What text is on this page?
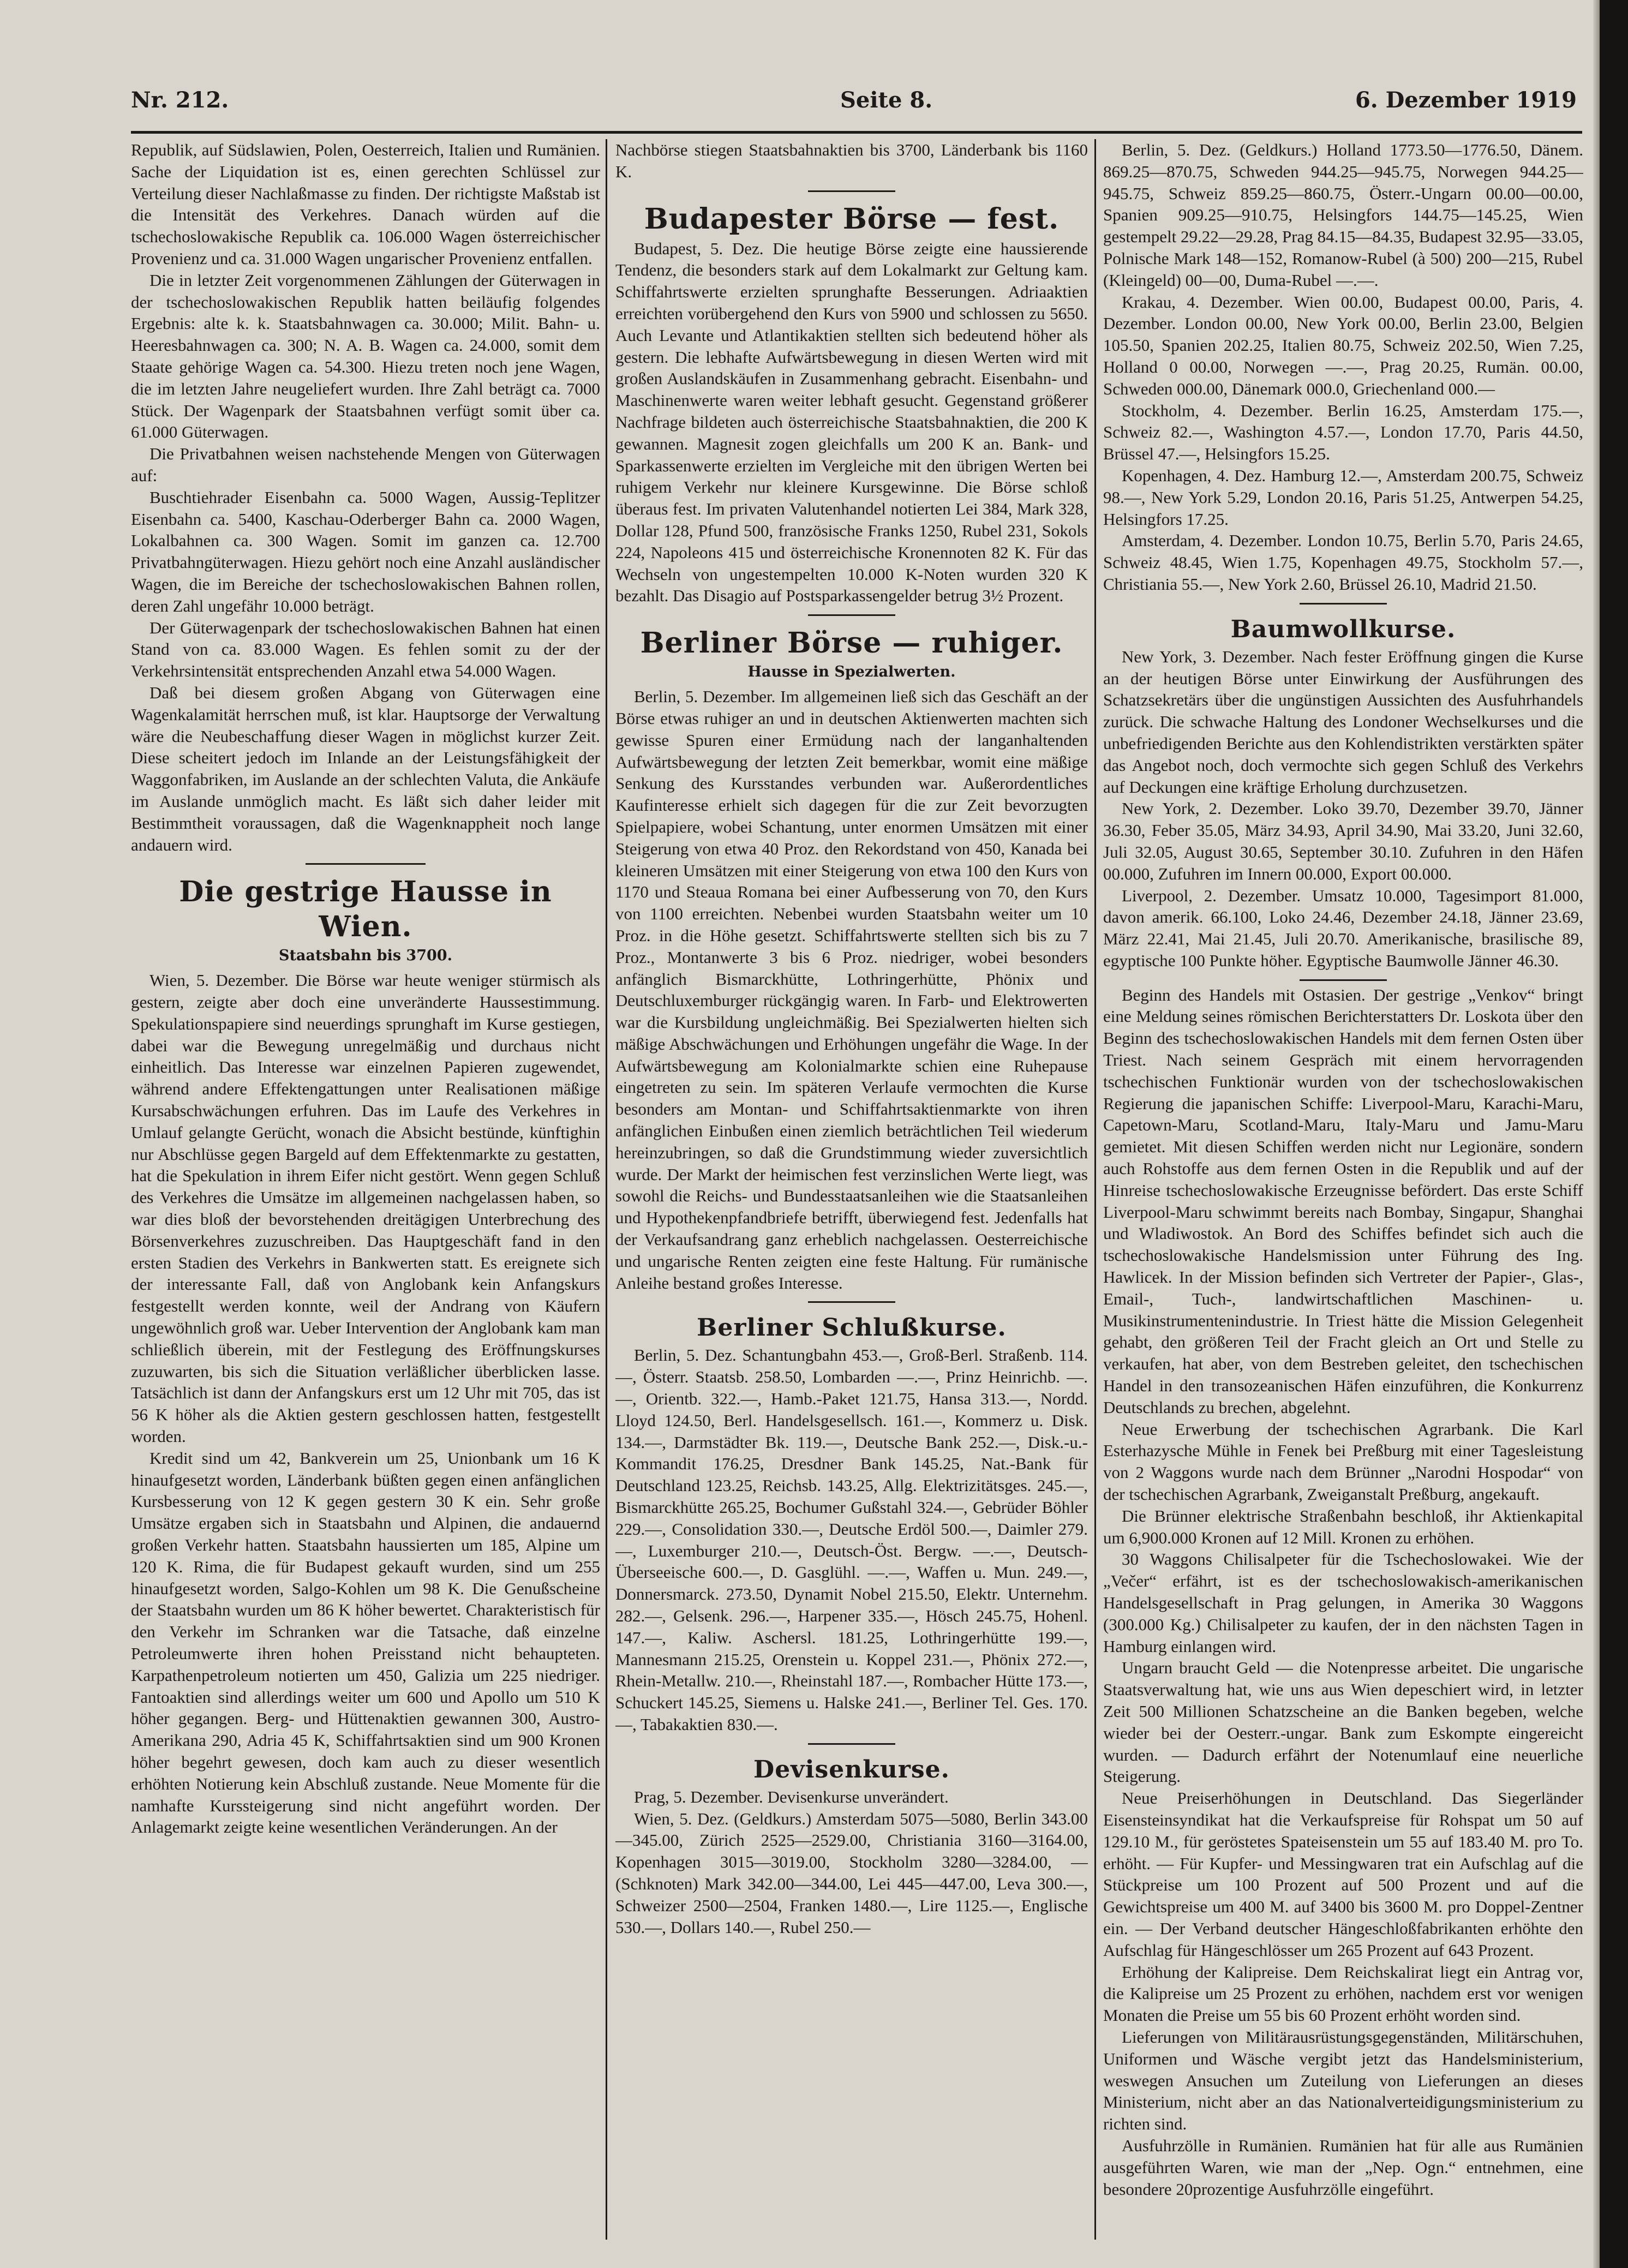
Nr. 212.	Seite 8.	6. Dezember 1919

Republik, auf Südslawien, Polen, Oesterreich, Italien und Rumänien. Sache der Liquidation ist es, einen gerechten Schlüssel zur Verteilung dieser Nachlaßmasse zu finden. Der richtigste Maßstab ist die Intensität des Verkehres. Danach würden auf die tschechoslowakische Republik ca. 106.000 Wagen österreichischer Provenienz und ca. 31.000 Wagen ungarischer Provenienz entfallen.

Die in letzter Zeit vorgenommenen Zählungen der Güterwagen in der tschechoslowakischen Republik hatten beiläufig folgendes Ergebnis: alte k. k. Staatsbahnwagen ca. 30.000; Milit. Bahn- u. Heeresbahnwagen ca. 300; N. A. B. Wagen ca. 24.000, somit dem Staate gehörige Wagen ca. 54.300. Hiezu treten noch jene Wagen, die im letzten Jahre neugeliefert wurden. Ihre Zahl beträgt ca. 7000 Stück. Der Wagenpark der Staatsbahnen verfügt somit über ca. 61.000 Güterwagen.

Die Privatbahnen weisen nachstehende Mengen von Güterwagen auf:

Buschtiehrader Eisenbahn ca. 5000 Wagen, Aussig-Teplitzer Eisenbahn ca. 5400, Kaschau-Oderberger Bahn ca. 2000 Wagen, Lokalbahnen ca. 300 Wagen. Somit im ganzen ca. 12.700 Privatbahngüterwagen. Hiezu gehört noch eine Anzahl ausländischer Wagen, die im Bereiche der tschechoslowakischen Bahnen rollen, deren Zahl ungefähr 10.000 beträgt.

Der Güterwagenpark der tschechoslowakischen Bahnen hat einen Stand von ca. 83.000 Wagen. Es fehlen somit zu der der Verkehrsintensität entsprechenden Anzahl etwa 54.000 Wagen.

Daß bei diesem großen Abgang von Güterwagen eine Wagenkalamität herrschen muß, ist klar. Hauptsorge der Verwaltung wäre die Neubeschaffung dieser Wagen in möglichst kurzer Zeit. Diese scheitert jedoch im Inlande an der Leistungsfähigkeit der Waggonfabriken, im Auslande an der schlechten Valuta, die Ankäufe im Auslande unmöglich macht. Es läßt sich daher leider mit Bestimmtheit voraussagen, daß die Wagenknappheit noch lange andauern wird.

Die gestrige Hausse in Wien.
Staatsbahn bis 3700.

Wien, 5. Dezember. Die Börse war heute weniger stürmisch als gestern, zeigte aber doch eine unveränderte Haussestimmung. Spekulationspapiere sind neuerdings sprunghaft im Kurse gestiegen, dabei war die Bewegung unregelmäßig und durchaus nicht einheitlich. Das Interesse war einzelnen Papieren zugewendet, während andere Effektengattungen unter Realisationen mäßige Kursabschwächungen erfuhren. Das im Laufe des Verkehres in Umlauf gelangte Gerücht, wonach die Absicht bestünde, künftighin nur Abschlüsse gegen Bargeld auf dem Effektenmarkte zu gestatten, hat die Spekulation in ihrem Eifer nicht gestört. Wenn gegen Schluß des Verkehres die Umsätze im allgemeinen nachgelassen haben, so war dies bloß der bevorstehenden dreitägigen Unterbrechung des Börsenverkehres zuzuschreiben. Das Hauptgeschäft fand in den ersten Stadien des Verkehrs in Bankwerten statt. Es ereignete sich der interessante Fall, daß von Anglobank kein Anfangskurs festgestellt werden konnte, weil der Andrang von Käufern ungewöhnlich groß war. Ueber Intervention der Anglobank kam man schließlich überein, mit der Festlegung des Eröffnungskurses zuzuwarten, bis sich die Situation verläßlicher überblicken lasse. Tatsächlich ist dann der Anfangskurs erst um 12 Uhr mit 705, das ist 56 K höher als die Aktien gestern geschlossen hatten, festgestellt worden.

Kredit sind um 42, Bankverein um 25, Unionbank um 16 K hinaufgesetzt worden, Länderbank büßten gegen einen anfänglichen Kursbesserung von 12 K gegen gestern 30 K ein. Sehr große Umsätze ergaben sich in Staatsbahn und Alpinen, die andauernd großen Verkehr hatten. Staatsbahn haussierten um 185, Alpine um 120 K. Rima, die für Budapest gekauft wurden, sind um 255 hinaufgesetzt worden, Salgo-Kohlen um 98 K. Die Genußscheine der Staatsbahn wurden um 86 K höher bewertet. Charakteristisch für den Verkehr im Schranken war die Tatsache, daß einzelne Petroleumwerte ihren hohen Preisstand nicht behaupteten. Karpathenpetroleum notierten um 450, Galizia um 225 niedriger. Fantoaktien sind allerdings weiter um 600 und Apollo um 510 K höher gegangen. Berg- und Hüttenaktien gewannen 300, Austro-Amerikana 290, Adria 45 K, Schiffahrtsaktien sind um 900 Kronen höher begehrt gewesen, doch kam auch zu dieser wesentlich erhöhten Notierung kein Abschluß zustande. Neue Momente für die namhafte Kurssteigerung sind nicht angeführt worden. Der Anlagemarkt zeigte keine wesentlichen Veränderungen. An der

Nachbörse stiegen Staatsbahnaktien bis 3700, Länderbank bis 1160 K.

Budapester Börse — fest.

Budapest, 5. Dez. Die heutige Börse zeigte eine haussierende Tendenz, die besonders stark auf dem Lokalmarkt zur Geltung kam. Schiffahrtswerte erzielten sprunghafte Besserungen. Adriaaktien erreichten vorübergehend den Kurs von 5900 und schlossen zu 5650. Auch Levante und Atlantikaktien stellten sich bedeutend höher als gestern. Die lebhafte Aufwärtsbewegung in diesen Werten wird mit großen Auslandskäufen in Zusammenhang gebracht. Eisenbahn- und Maschinenwerte waren weiter lebhaft gesucht. Gegenstand größerer Nachfrage bildeten auch österreichische Staatsbahnaktien, die 200 K gewannen. Magnesit zogen gleichfalls um 200 K an. Bank- und Sparkassenwerte erzielten im Vergleiche mit den übrigen Werten bei ruhigem Verkehr nur kleinere Kursgewinne. Die Börse schloß überaus fest. Im privaten Valutenhandel notierten Lei 384, Mark 328, Dollar 128, Pfund 500, französische Franks 1250, Rubel 231, Sokols 224, Napoleons 415 und österreichische Kronennoten 82 K. Für das Wechseln von ungestempelten 10.000 K-Noten wurden 320 K bezahlt. Das Disagio auf Postsparkassengelder betrug 3½ Prozent.

Berliner Börse — ruhiger.
Hausse in Spezialwerten.

Berlin, 5. Dezember. Im allgemeinen ließ sich das Geschäft an der Börse etwas ruhiger an und in deutschen Aktienwerten machten sich gewisse Spuren einer Ermüdung nach der langanhaltenden Aufwärtsbewegung der letzten Zeit bemerkbar, womit eine mäßige Senkung des Kursstandes verbunden war. Außerordentliches Kaufinteresse erhielt sich dagegen für die zur Zeit bevorzugten Spielpapiere, wobei Schantung, unter enormen Umsätzen mit einer Steigerung von etwa 40 Proz. den Rekordstand von 450, Kanada bei kleineren Umsätzen mit einer Steigerung von etwa 100 den Kurs von 1170 und Steaua Romana bei einer Aufbesserung von 70, den Kurs von 1100 erreichten. Nebenbei wurden Staatsbahn weiter um 10 Proz. in die Höhe gesetzt. Schiffahrtswerte stellten sich bis zu 7 Proz., Montanwerte 3 bis 6 Proz. niedriger, wobei besonders anfänglich Bismarckhütte, Lothringerhütte, Phönix und Deutschluxemburger rückgängig waren. In Farb- und Elektrowerten war die Kursbildung ungleichmäßig. Bei Spezialwerten hielten sich mäßige Abschwächungen und Erhöhungen ungefähr die Wage. In der Aufwärtsbewegung am Kolonialmarkte schien eine Ruhepause eingetreten zu sein. Im späteren Verlaufe vermochten die Kurse besonders am Montan- und Schiffahrtsaktienmarkte von ihren anfänglichen Einbußen einen ziemlich beträchtlichen Teil wiederum hereinzubringen, so daß die Grundstimmung wieder zuversichtlich wurde. Der Markt der heimischen fest verzinslichen Werte liegt, was sowohl die Reichs- und Bundesstaatsanleihen wie die Staatsanleihen und Hypothekenpfandbriefe betrifft, überwiegend fest. Jedenfalls hat der Verkaufsandrang ganz erheblich nachgelassen. Oesterreichische und ungarische Renten zeigten eine feste Haltung. Für rumänische Anleihe bestand großes Interesse.

Berliner Schlußkurse.

Berlin, 5. Dez. Schantungbahn 453.—, Groß-Berl. Straßenb. 114.—, Österr. Staatsb. 258.50, Lombarden —.—, Prinz Heinrichb. —.—, Orientb. 322.—, Hamb.-Paket 121.75, Hansa 313.—, Nordd. Lloyd 124.50, Berl. Handelsgesellsch. 161.—, Kommerz u. Disk. 134.—, Darmstädter Bk. 119.—, Deutsche Bank 252.—, Disk.-u.-Kommandit 176.25, Dresdner Bank 145.25, Nat.-Bank für Deutschland 123.25, Reichsb. 143.25, Allg. Elektrizitätsges. 245.—, Bismarckhütte 265.25, Bochumer Gußstahl 324.—, Gebrüder Böhler 229.—, Consolidation 330.—, Deutsche Erdöl 500.—, Daimler 279.—, Luxemburger 210.—, Deutsch-Öst. Bergw. —.—, Deutsch-Überseeische 600.—, D. Gasglühl. —.—, Waffen u. Mun. 249.—, Donnersmarck. 273.50, Dynamit Nobel 215.50, Elektr. Unternehm. 282.—, Gelsenk. 296.—, Harpener 335.—, Hösch 245.75, Hohenl. 147.—, Kaliw. Aschersl. 181.25, Lothringerhütte 199.—, Mannesmann 215.25, Orenstein u. Koppel 231.—, Phönix 272.—, Rhein-Metallw. 210.—, Rheinstahl 187.—, Rombacher Hütte 173.—, Schuckert 145.25, Siemens u. Halske 241.—, Berliner Tel. Ges. 170.—, Tabakaktien 830.—.

Devisenkurse.

Prag, 5. Dezember. Devisenkurse unverändert.

Wien, 5. Dez. (Geldkurs.) Amsterdam 5075—5080, Berlin 343.00—345.00, Zürich 2525—2529.00, Christiania 3160—3164.00, Kopenhagen 3015—3019.00, Stockholm 3280—3284.00, — (Schknoten) Mark 342.00—344.00, Lei 445—447.00, Leva 300.—, Schweizer 2500—2504, Franken 1480.—, Lire 1125.—, Englische 530.—, Dollars 140.—, Rubel 250.—

Berlin, 5. Dez. (Geldkurs.) Holland 1773.50—1776.50, Dänem. 869.25—870.75, Schweden 944.25—945.75, Norwegen 944.25—945.75, Schweiz 859.25—860.75, Österr.-Ungarn 00.00—00.00, Spanien 909.25—910.75, Helsingfors 144.75—145.25, Wien gestempelt 29.22—29.28, Prag 84.15—84.35, Budapest 32.95—33.05, Polnische Mark 148—152, Romanow-Rubel (à 500) 200—215, Rubel (Kleingeld) 00—00, Duma-Rubel —.—.

Krakau, 4. Dezember. Wien 00.00, Budapest 00.00, Paris, 4. Dezember. London 00.00, New York 00.00, Berlin 23.00, Belgien 105.50, Spanien 202.25, Italien 80.75, Schweiz 202.50, Wien 7.25, Holland 0 00.00, Norwegen —.—, Prag 20.25, Rumän. 00.00, Schweden 000.00, Dänemark 000.0, Griechenland 000.—

Stockholm, 4. Dezember. Berlin 16.25, Amsterdam 175.—, Schweiz 82.—, Washington 4.57.—, London 17.70, Paris 44.50, Brüssel 47.—, Helsingfors 15.25.

Kopenhagen, 4. Dez. Hamburg 12.—, Amsterdam 200.75, Schweiz 98.—, New York 5.29, London 20.16, Paris 51.25, Antwerpen 54.25, Helsingfors 17.25.

Amsterdam, 4. Dezember. London 10.75, Berlin 5.70, Paris 24.65, Schweiz 48.45, Wien 1.75, Kopenhagen 49.75, Stockholm 57.—, Christiania 55.—, New York 2.60, Brüssel 26.10, Madrid 21.50.

Baumwollkurse.

New York, 3. Dezember. Nach fester Eröffnung gingen die Kurse an der heutigen Börse unter Einwirkung der Ausführungen des Schatzsekretärs über die ungünstigen Aussichten des Ausfuhrhandels zurück. Die schwache Haltung des Londoner Wechselkurses und die unbefriedigenden Berichte aus den Kohlendistrikten verstärkten später das Angebot noch, doch vermochte sich gegen Schluß des Verkehrs auf Deckungen eine kräftige Erholung durchzusetzen.

New York, 2. Dezember. Loko 39.70, Dezember 39.70, Jänner 36.30, Feber 35.05, März 34.93, April 34.90, Mai 33.20, Juni 32.60, Juli 32.05, August 30.65, September 30.10. Zufuhren in den Häfen 00.000, Zufuhren im Innern 00.000, Export 00.000.

Liverpool, 2. Dezember. Umsatz 10.000, Tagesimport 81.000, davon amerik. 66.100, Loko 24.46, Dezember 24.18, Jänner 23.69, März 22.41, Mai 21.45, Juli 20.70. Amerikanische, brasilische 89, egyptische 100 Punkte höher. Egyptische Baumwolle Jänner 46.30.

Beginn des Handels mit Ostasien. Der gestrige „Venkov“ bringt eine Meldung seines römischen Berichterstatters Dr. Loskota über den Beginn des tschechoslowakischen Handels mit dem fernen Osten über Triest. Nach seinem Gespräch mit einem hervorragenden tschechischen Funktionär wurden von der tschechoslowakischen Regierung die japanischen Schiffe: Liverpool-Maru, Karachi-Maru, Capetown-Maru, Scotland-Maru, Italy-Maru und Jamu-Maru gemietet. Mit diesen Schiffen werden nicht nur Legionäre, sondern auch Rohstoffe aus dem fernen Osten in die Republik und auf der Hinreise tschechoslowakische Erzeugnisse befördert. Das erste Schiff Liverpool-Maru schwimmt bereits nach Bombay, Singapur, Shanghai und Wladiwostok. An Bord des Schiffes befindet sich auch die tschechoslowakische Handelsmission unter Führung des Ing. Hawlicek. In der Mission befinden sich Vertreter der Papier-, Glas-, Email-, Tuch-, landwirtschaftlichen Maschinen- u. Musikinstrumentenindustrie. In Triest hätte die Mission Gelegenheit gehabt, den größeren Teil der Fracht gleich an Ort und Stelle zu verkaufen, hat aber, von dem Bestreben geleitet, den tschechischen Handel in den transozeanischen Häfen einzuführen, die Konkurrenz Deutschlands zu brechen, abgelehnt.

Neue Erwerbung der tschechischen Agrarbank. Die Karl Esterhazysche Mühle in Fenek bei Preßburg mit einer Tagesleistung von 2 Waggons wurde nach dem Brünner „Narodni Hospodar“ von der tschechischen Agrarbank, Zweiganstalt Preßburg, angekauft.

Die Brünner elektrische Straßenbahn beschloß, ihr Aktienkapital um 6,900.000 Kronen auf 12 Mill. Kronen zu erhöhen.

30 Waggons Chilisalpeter für die Tschechoslowakei. Wie der „Večer“ erfährt, ist es der tschechoslowakisch-amerikanischen Handelsgesellschaft in Prag gelungen, in Amerika 30 Waggons (300.000 Kg.) Chilisalpeter zu kaufen, der in den nächsten Tagen in Hamburg einlangen wird.

Ungarn braucht Geld — die Notenpresse arbeitet. Die ungarische Staatsverwaltung hat, wie uns aus Wien depeschiert wird, in letzter Zeit 500 Millionen Schatzscheine an die Banken begeben, welche wieder bei der Oesterr.-ungar. Bank zum Eskompte eingereicht wurden. — Dadurch erfährt der Notenumlauf eine neuerliche Steigerung.

Neue Preiserhöhungen in Deutschland. Das Siegerländer Eisensteinsyndikat hat die Verkaufspreise für Rohspat um 50 auf 129.10 M., für geröstetes Spateisenstein um 55 auf 183.40 M. pro To. erhöht. — Für Kupfer- und Messingwaren trat ein Aufschlag auf die Stückpreise um 100 Prozent auf 500 Prozent und auf die Gewichtspreise um 400 M. auf 3400 bis 3600 M. pro Doppel-Zentner ein. — Der Verband deutscher Hängeschloßfabrikanten erhöhte den Aufschlag für Hängeschlösser um 265 Prozent auf 643 Prozent.

Erhöhung der Kalipreise. Dem Reichskalirat liegt ein Antrag vor, die Kalipreise um 25 Prozent zu erhöhen, nachdem erst vor wenigen Monaten die Preise um 55 bis 60 Prozent erhöht worden sind.

Lieferungen von Militärausrüstungsgegenständen, Militärschuhen, Uniformen und Wäsche vergibt jetzt das Handelsministerium, weswegen Ansuchen um Zuteilung von Lieferungen an dieses Ministerium, nicht aber an das Nationalverteidigungsministerium zu richten sind.

Ausfuhrzölle in Rumänien. Rumänien hat für alle aus Rumänien ausgeführten Waren, wie man der „Nep. Ogn.“ entnehmen, eine besondere 20prozentige Ausfuhrzölle eingeführt.
